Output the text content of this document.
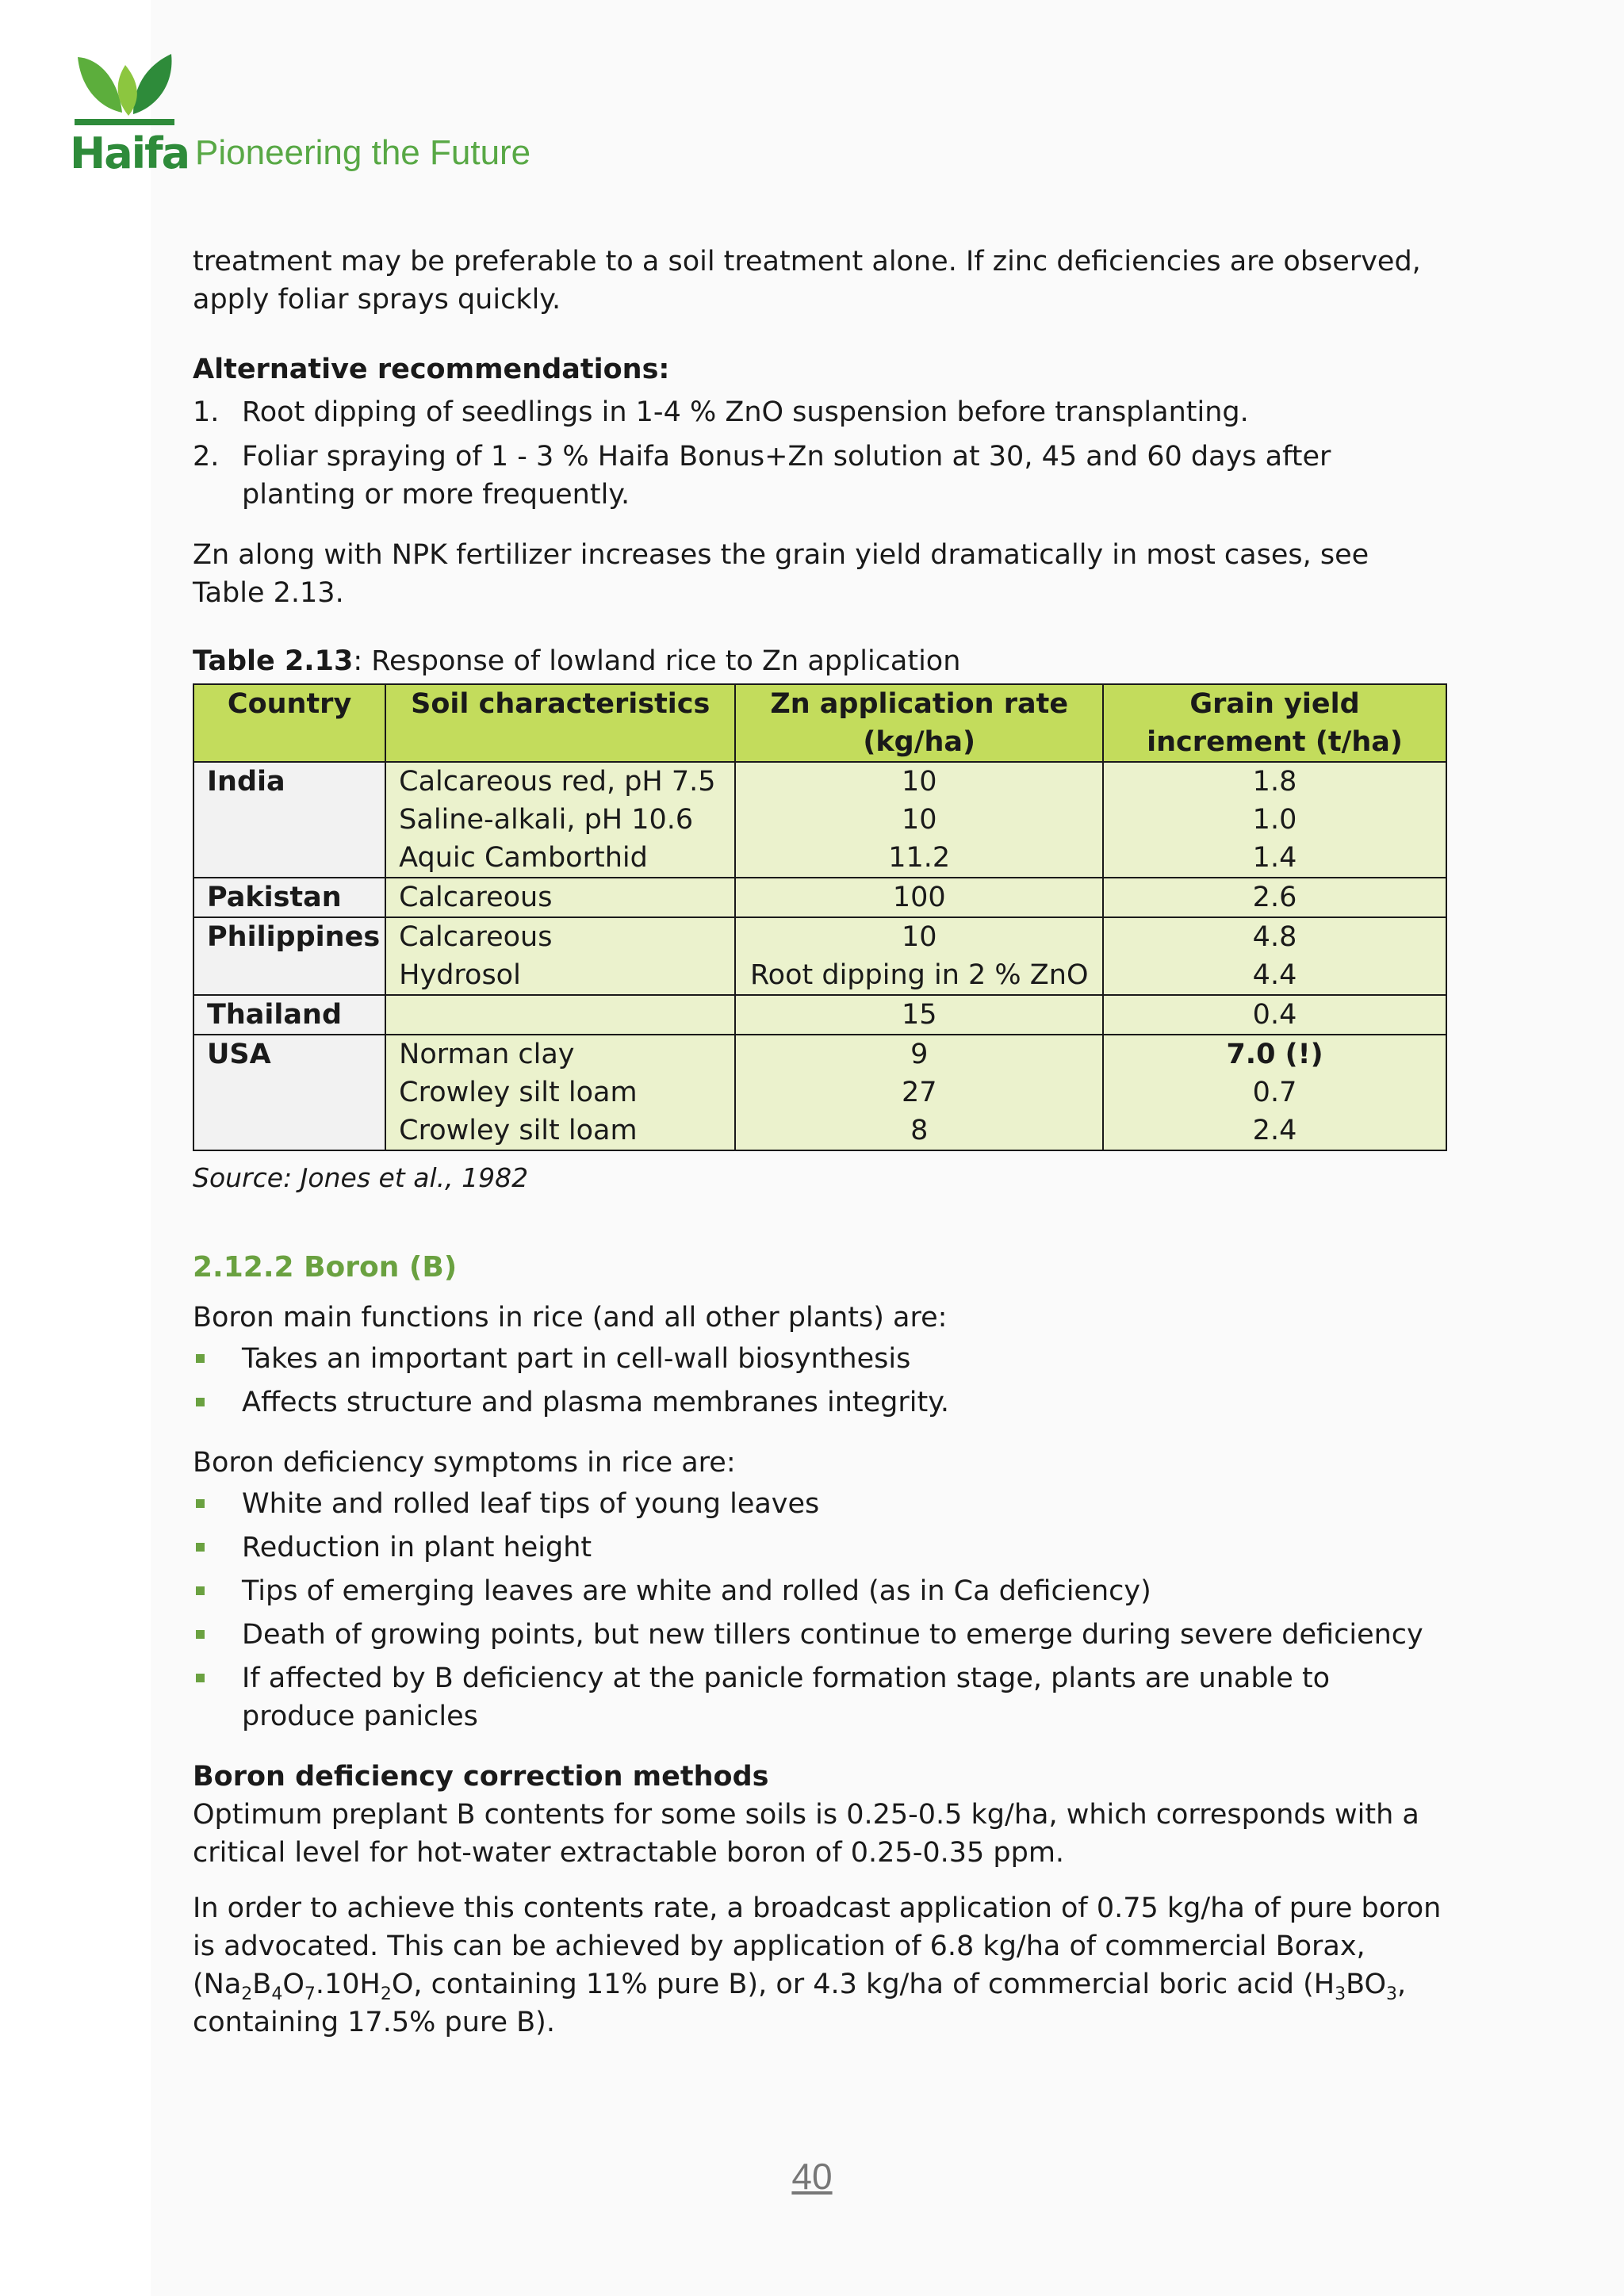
Haifa Pioneering the Future

treatment may be preferable to a soil treatment alone. If zinc deficiencies are observed, apply foliar sprays quickly.

Alternative recommendations:

1. Root dipping of seedlings in 1-4 % ZnO suspension before transplanting.
2. Foliar spraying of 1 - 3 % Haifa Bonus+Zn solution at 30, 45 and 60 days after planting or more frequently.

Zn along with NPK fertilizer increases the grain yield dramatically in most cases, see Table 2.13.

Table 2.13: Response of lowland rice to Zn application
Country	Soil characteristics	Zn application rate (kg/ha)	Grain yield increment (t/ha)
India	Calcareous red, pH 7.5	10	1.8
	Saline-alkali, pH 10.6	10	1.0
	Aquic Camborthid	11.2	1.4
Pakistan	Calcareous	100	2.6
Philippines	Calcareous	10	4.8
	Hydrosol	Root dipping in 2 % ZnO	4.4
Thailand		15	0.4
USA	Norman clay	9	7.0 (!)
	Crowley silt loam	27	0.7
	Crowley silt loam	8	2.4
Source: Jones et al., 1982
2.12.2 Boron (B)

Boron main functions in rice (and all other plants) are:

Takes an important part in cell-wall biosynthesis
Affects structure and plasma membranes integrity.

Boron deficiency symptoms in rice are:

White and rolled leaf tips of young leaves
Reduction in plant height
Tips of emerging leaves are white and rolled (as in Ca deficiency)
Death of growing points, but new tillers continue to emerge during severe deficiency
If affected by B deficiency at the panicle formation stage, plants are unable to produce panicles

Boron deficiency correction methods

Optimum preplant B contents for some soils is 0.25-0.5 kg/ha, which corresponds with a critical level for hot-water extractable boron of 0.25-0.35 ppm.

In order to achieve this contents rate, a broadcast application of 0.75 kg/ha of pure boron is advocated. This can be achieved by application of 6.8 kg/ha of commercial Borax, ($Na_2B_4O_7.10H_2O$, containing 11% pure B), or 4.3 kg/ha of commercial boric acid ($H_3BO_3$, containing 17.5% pure B).

40
